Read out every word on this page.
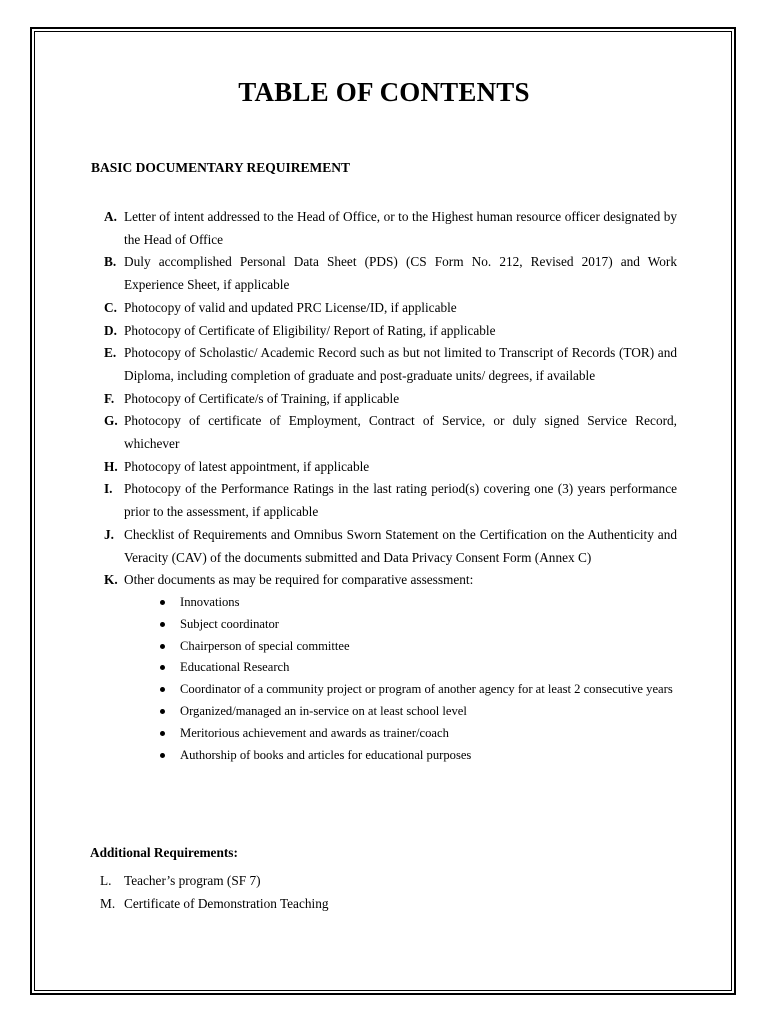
TABLE OF CONTENTS
BASIC DOCUMENTARY REQUIREMENT
A. Letter of intent addressed to the Head of Office, or to the Highest human resource officer designated by the Head of Office
B. Duly accomplished Personal Data Sheet (PDS) (CS Form No. 212, Revised 2017) and Work Experience Sheet, if applicable
C. Photocopy of valid and updated PRC License/ID, if applicable
D. Photocopy of Certificate of Eligibility/ Report of Rating, if applicable
E. Photocopy of Scholastic/ Academic Record such as but not limited to Transcript of Records (TOR) and Diploma, including completion of graduate and post-graduate units/ degrees, if available
F. Photocopy of Certificate/s of Training, if applicable
G. Photocopy of certificate of Employment, Contract of Service, or duly signed Service Record, whichever
H. Photocopy of latest appointment, if applicable
I. Photocopy of the Performance Ratings in the last rating period(s) covering one (3) years performance prior to the assessment, if applicable
J. Checklist of Requirements and Omnibus Sworn Statement on the Certification on the Authenticity and Veracity (CAV) of the documents submitted and Data Privacy Consent Form (Annex C)
K. Other documents as may be required for comparative assessment:
Innovations
Subject coordinator
Chairperson of special committee
Educational Research
Coordinator of a community project or program of another agency for at least 2 consecutive years
Organized/managed an in-service on at least school level
Meritorious achievement and awards as trainer/coach
Authorship of books and articles for educational purposes
Additional Requirements:
L. Teacher’s program (SF 7)
M. Certificate of Demonstration Teaching
